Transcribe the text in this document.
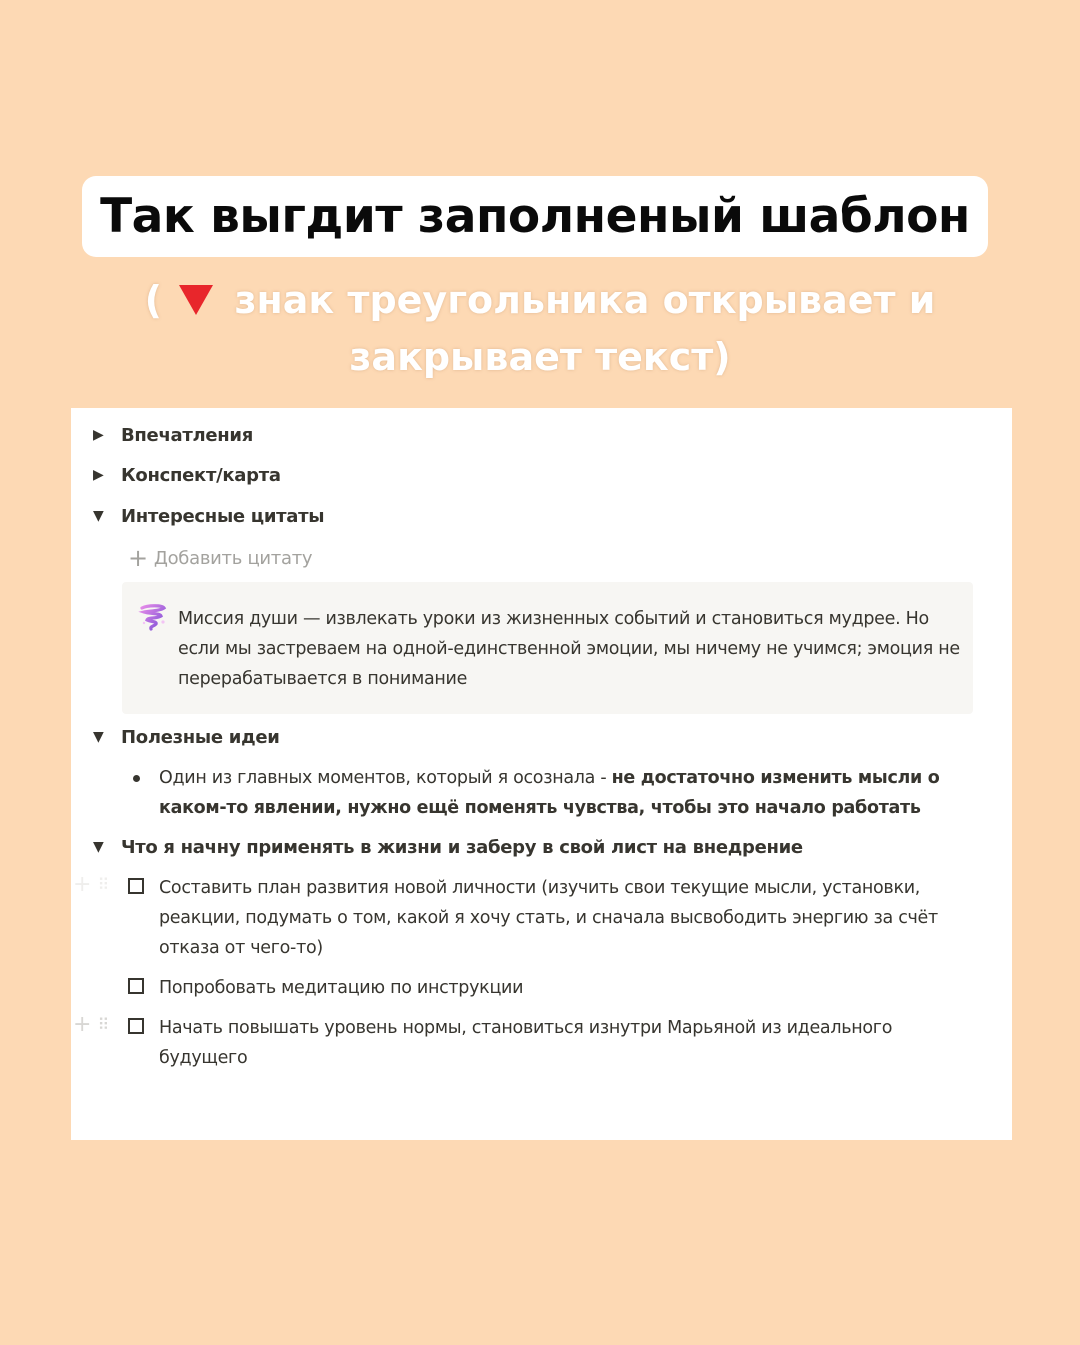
Так выгдит заполненый шаблон
( знак треугольника открывает и
закрывает текст)
▶ Впечатления
▶ Конспект/карта
▼ Интересные цитаты
+ Добавить цитату
Миссия души — извлекать уроки из жизненных событий и становиться мудрее. Но если мы застреваем на одной-единственной эмоции, мы ничему не учимся; эмоция не перерабатывается в понимание
▼ Полезные идеи
Один из главных моментов, который я осознала - не достаточно изменить мысли о каком-то явлении, нужно ещё поменять чувства, чтобы это начало работать
▼ Что я начну применять в жизни и заберу в свой лист на внедрение
+ ⠿	Составить план развития новой личности (изучить свои текущие мысли, установки, реакции, подумать о том, какой я хочу стать, и сначала высвободить энергию за счёт отказа от чего-то)
Попробовать медитацию по инструкции
+ ⠿	Начать повышать уровень нормы, становиться изнутри Марьяной из идеального будущего
